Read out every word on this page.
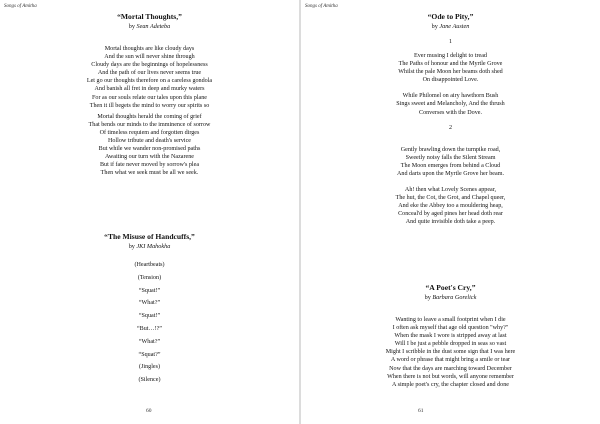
Songs of Amitha
“Mortal Thoughts,”
by Sean Adeteba
Mortal thoughts are like cloudy days
And the sun will never shine through
Cloudy days are the beginnings of hopelessness
And the path of our lives never seems true
Let go our thoughts therefore on a careless gondola
And banish all fret in deep and murky waters
For as our souls relate our tales upon this plane
Then it ill begets the mind to worry our spirits so
Mortal thoughts herald the coming of grief
That bends our minds to the imminence of sorrow
Of timeless requiem and forgotten dirges
Hollow tribute and death's service
But while we wander non-promised paths
Awaiting our turn with the Nazarene
But if fate never moved by sorrow's plea
Then what we seek must be all we seek.
“The Misuse of Handcuffs,”
by JKI Mahokha
(Heartbeats)
(Tension)
“Squat!”
“What?”
“Squat!”
“But…!?”
“What?”
“Squat?”
(Jingles)
(Silence)
60
Songs of Amitha
“Ode to Pity,”
by Jane Austen
1
Ever musing I delight to tread
The Paths of honour and the Myrtle Grove
Whilst the pale Moon her beams doth shed
On disappointed Love.
While Philomel on airy hawthorn Bush
Sings sweet and Melancholy, And the thrush
Converses with the Dove.
2
Gently brawling down the turnpike road,
Sweetly noisy falls the Silent Stream
The Moon emerges from behind a Cloud
And darts upon the Myrtle Grove her beam.
Ah! then what Lovely Scenes appear,
The hut, the Cot, the Grot, and Chapel queer,
And eke the Abbey too a mouldering heap,
Conceal'd by aged pines her head doth rear
And quite invisible doth take a peep.
“A Poet's Cry,”
by Barbara Gorelick
Wanting to leave a small footprint when I die
I often ask myself that age old question "why?"
When the mask I wore is stripped away at last
Will I be just a pebble dropped in seas so vast
Might I scribble in the dust some sign that I was here
A word or phrase that might bring a smile or tear
Now that the days are marching toward December
When there is not but words, will anyone remember
A simple poet's cry, the chapter closed and done
61
